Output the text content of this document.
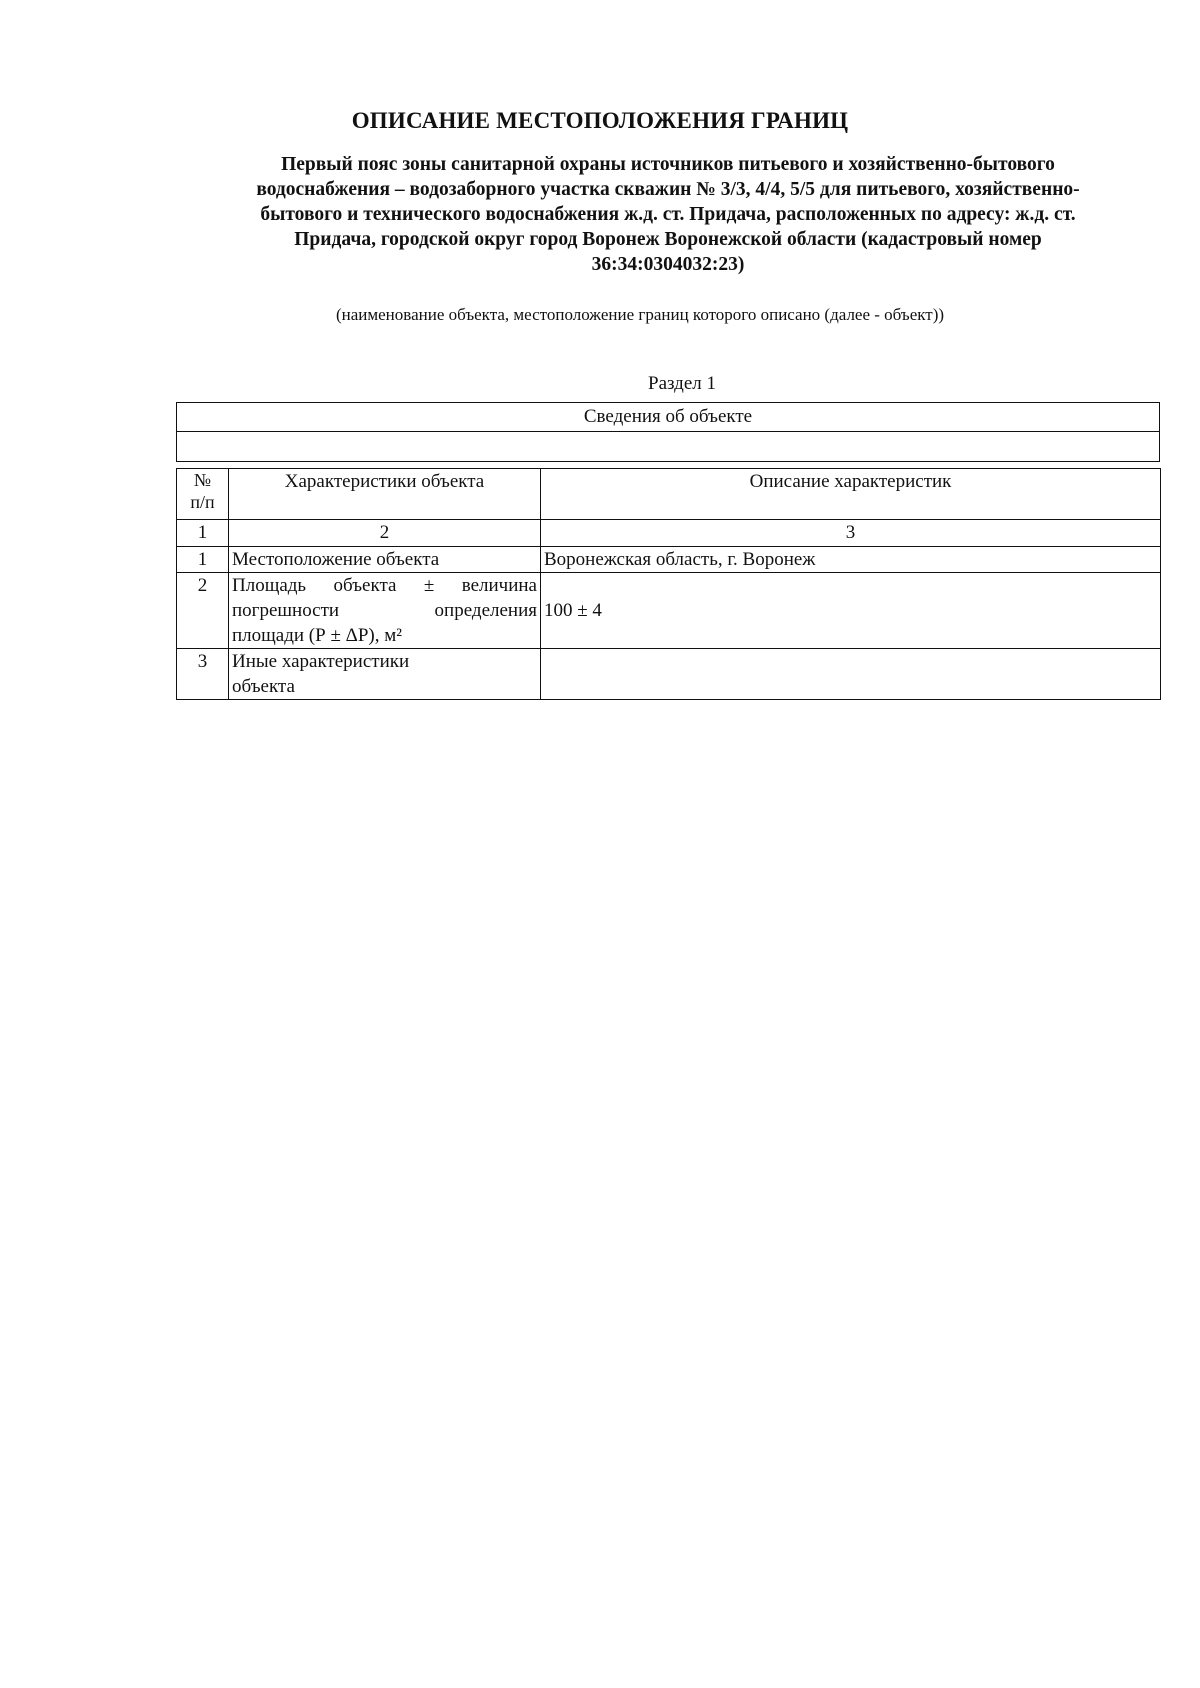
ОПИСАНИЕ МЕСТОПОЛОЖЕНИЯ ГРАНИЦ
Первый пояс зоны санитарной охраны источников питьевого и хозяйственно-бытового
водоснабжения – водозаборного участка скважин № 3/3, 4/4, 5/5 для питьевого, хозяйственно-
бытового и технического водоснабжения ж.д. ст. Придача, расположенных по адресу: ж.д. ст.
Придача, городской округ город Воронеж Воронежской области (кадастровый номер
36:34:0304032:23)
(наименование объекта, местоположение границ которого описано (далее - объект))
Раздел 1
Сведения об объекте
№
п/п	Характеристики объекта	Описание характеристик
1	2	3
1	Местоположение объекта	Воронежская область, г. Воронеж
2	Площадь объекта ± величина
погрешности определения
площади (Р ± ΔР), м²	100 ± 4
3	Иные характеристики
объекта	
